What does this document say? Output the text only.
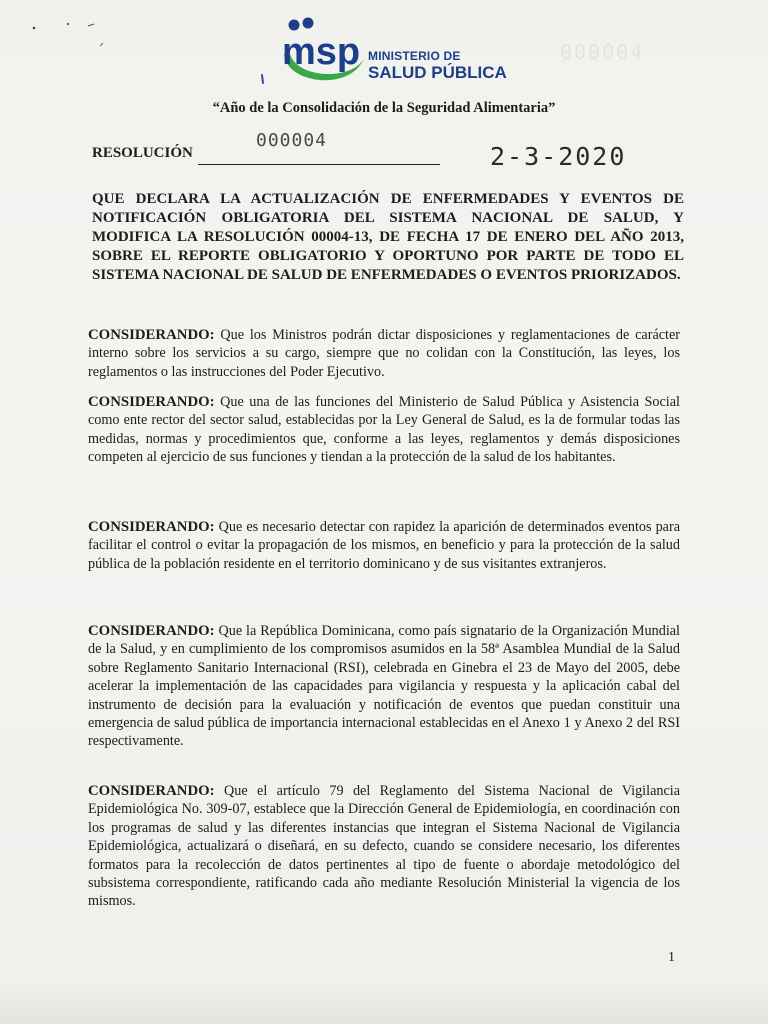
000004
msp MINISTERIO DE
SALUD PÚBLICA
“Año de la Consolidación de la Seguridad Alimentaria”
RESOLUCIÓN
000004
2-3-2020
QUE DECLARA LA ACTUALIZACIÓN DE ENFERMEDADES Y EVENTOS DE NOTIFICACIÓN OBLIGATORIA DEL SISTEMA NACIONAL DE SALUD, Y MODIFICA LA RESOLUCIÓN 00004-13, DE FECHA 17 DE ENERO DEL AÑO 2013, SOBRE EL REPORTE OBLIGATORIO Y OPORTUNO POR PARTE DE TODO EL SISTEMA NACIONAL DE SALUD DE ENFERMEDADES O EVENTOS PRIORIZADOS.
CONSIDERANDO: Que los Ministros podrán dictar disposiciones y reglamentaciones de carácter interno sobre los servicios a su cargo, siempre que no colidan con la Constitución, las leyes, los reglamentos o las instrucciones del Poder Ejecutivo.
CONSIDERANDO: Que una de las funciones del Ministerio de Salud Pública y Asistencia Social como ente rector del sector salud, establecidas por la Ley General de Salud, es la de formular todas las medidas, normas y procedimientos que, conforme a las leyes, reglamentos y demás disposiciones competen al ejercicio de sus funciones y tiendan a la protección de la salud de los habitantes.
CONSIDERANDO: Que es necesario detectar con rapidez la aparición de determinados eventos para facilitar el control o evitar la propagación de los mismos, en beneficio y para la protección de la salud pública de la población residente en el territorio dominicano y de sus visitantes extranjeros.
CONSIDERANDO: Que la República Dominicana, como país signatario de la Organización Mundial de la Salud, y en cumplimiento de los compromisos asumidos en la 58ª Asamblea Mundial de la Salud sobre Reglamento Sanitario Internacional (RSI), celebrada en Ginebra el 23 de Mayo del 2005, debe acelerar la implementación de las capacidades para vigilancia y respuesta y la aplicación cabal del instrumento de decisión para la evaluación y notificación de eventos que puedan constituir una emergencia de salud pública de importancia internacional establecidas en el Anexo 1 y Anexo 2 del RSI respectivamente.
CONSIDERANDO: Que el artículo 79 del Reglamento del Sistema Nacional de Vigilancia Epidemiológica No. 309-07, establece que la Dirección General de Epidemiología, en coordinación con los programas de salud y las diferentes instancias que integran el Sistema Nacional de Vigilancia Epidemiológica, actualizará o diseñará, en su defecto, cuando se considere necesario, los diferentes formatos para la recolección de datos pertinentes al tipo de fuente o abordaje metodológico del subsistema correspondiente, ratificando cada año mediante Resolución Ministerial la vigencia de los mismos.
1
